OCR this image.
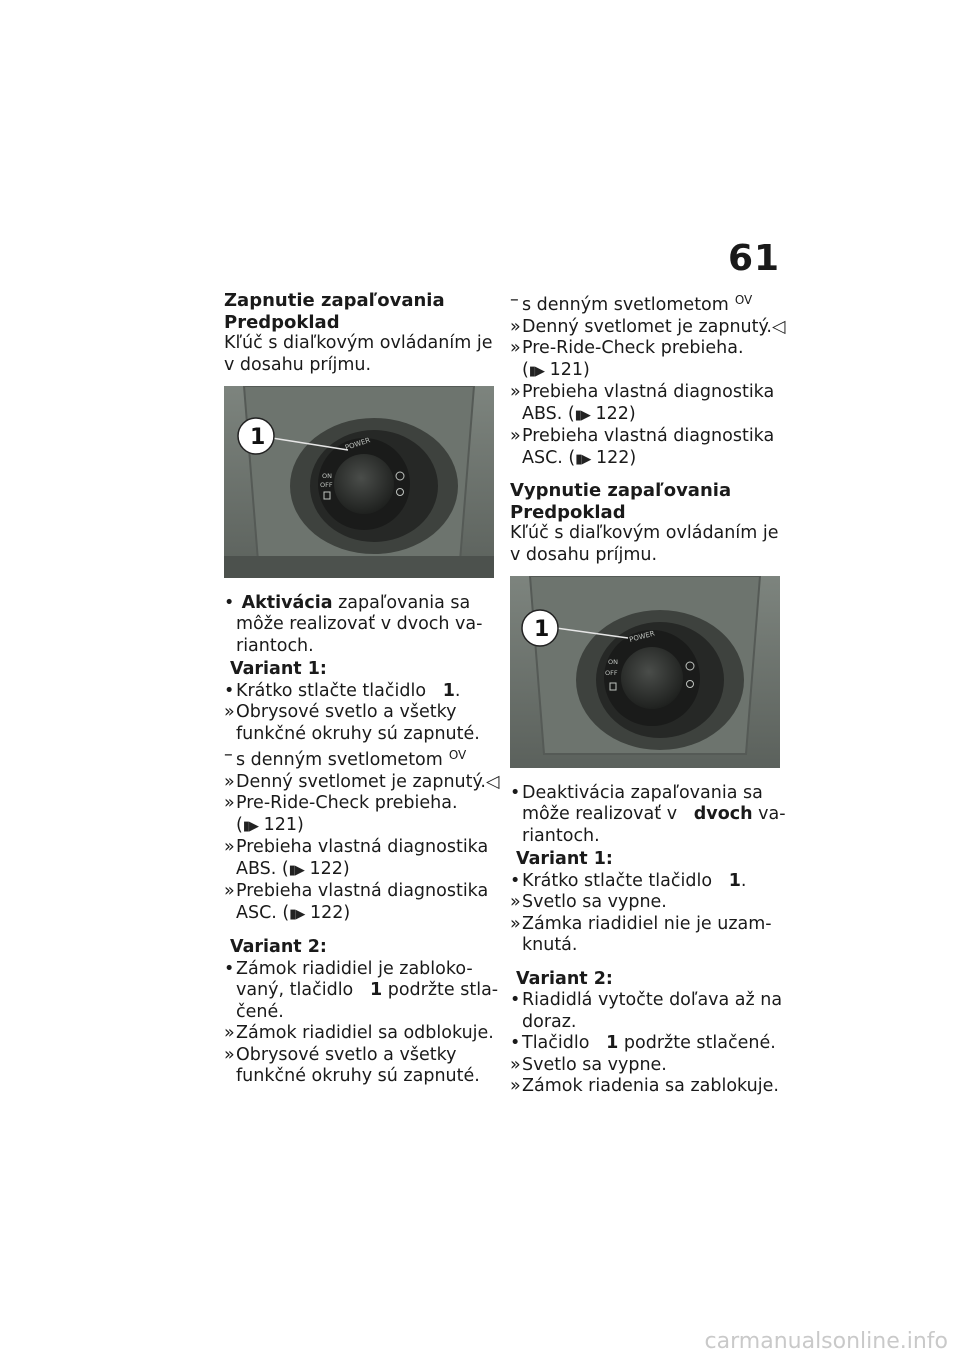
61
Zapnutie zapaľovania
Predpoklad
Kľúč s diaľkovým ovládaním je
v dosahu príjmu.
POWER
ON
OFF
1
• Aktivácia zapaľovania sa
môže realizovať v dvoch va-
riantoch.
Variant 1:
• Krátko stlačte tlačidlo 1.
» Obrysové svetlo a všetky
funkčné okruhy sú zapnuté.
– s denným svetlometom $^{OV}$
» Denný svetlomet je zapnutý.◁
» Pre-Ride-Check prebieha.
(▮▶ 121)
» Prebieha vlastná diagnostika
ABS. (▮▶ 122)
» Prebieha vlastná diagnostika
ASC. (▮▶ 122)
Variant 2:
• Zámok riadidiel je zabloko-
vaný, tlačidlo 1 podržte stla-
čené.
» Zámok riadidiel sa odblokuje.
» Obrysové svetlo a všetky
funkčné okruhy sú zapnuté.
– s denným svetlometom $^{OV}$
» Denný svetlomet je zapnutý.◁
» Pre-Ride-Check prebieha.
(▮▶ 121)
» Prebieha vlastná diagnostika
ABS. (▮▶ 122)
» Prebieha vlastná diagnostika
ASC. (▮▶ 122)
Vypnutie zapaľovania
Predpoklad
Kľúč s diaľkovým ovládaním je
v dosahu príjmu.
POWER
ON
OFF
1
• Deaktivácia zapaľovania sa
môže realizovať v dvoch va-
riantoch.
Variant 1:
• Krátko stlačte tlačidlo 1.
» Svetlo sa vypne.
» Zámka riadidiel nie je uzam-
knutá.
Variant 2:
• Riadidlá vytočte doľava až na
doraz.
• Tlačidlo 1 podržte stlačené.
» Svetlo sa vypne.
» Zámok riadenia sa zablokuje.
carmanualsonline.info
